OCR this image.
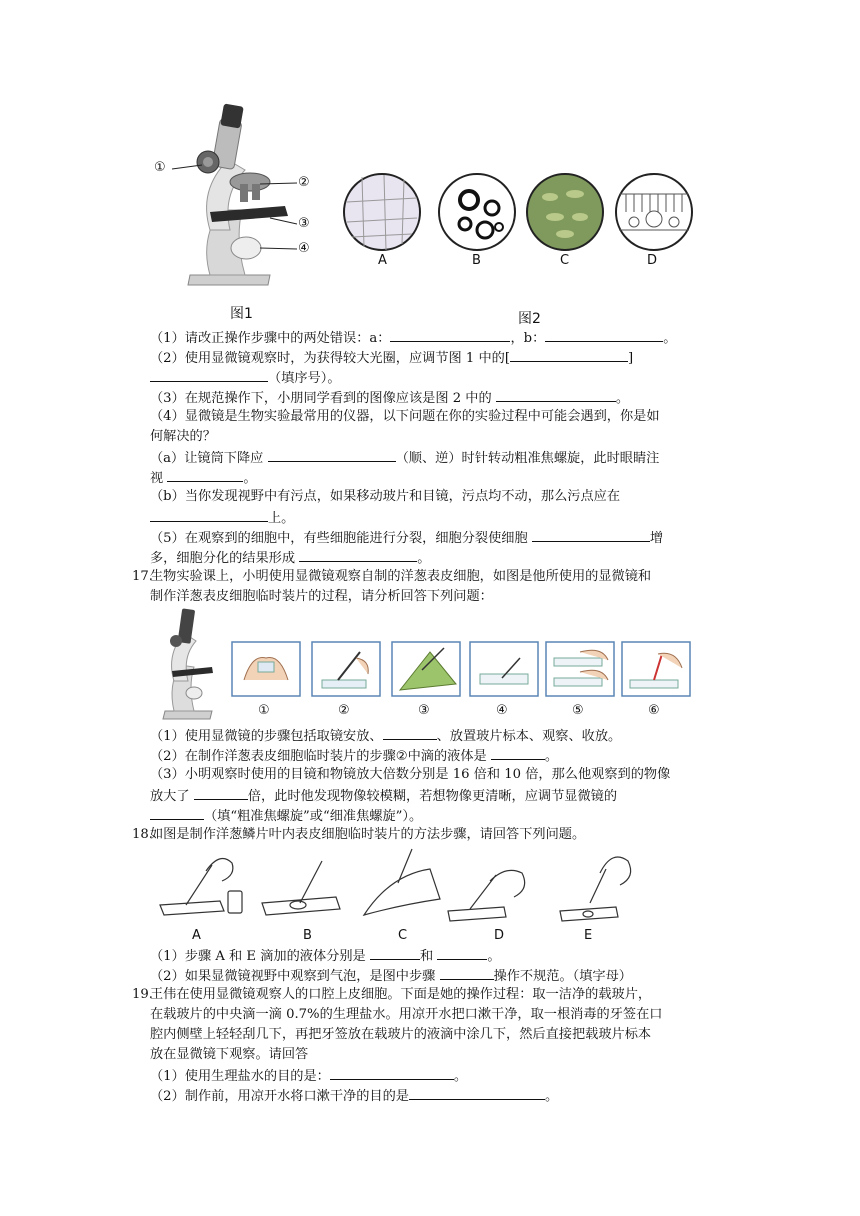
①
②
③
④
图1
A	B	C	D
图2
（1）请改正操作步骤中的两处错误：a：	，b：	。
（2）使用显微镜观察时，为获得较大光圈，应调节图 1 中的[	]
（填序号）。
（3）在规范操作下，小朋同学看到的图像应该是图 2 中的	。
（4）显微镜是生物实验最常用的仪器，以下问题在你的实验过程中可能会遇到，你是如
何解决的？
（a）让镜筒下降应	（顺、逆）时针转动粗准焦螺旋，此时眼睛注
视	。
（b）当你发现视野中有污点，如果移动玻片和目镜，污点均不动，那么污点应在
上。
（5）在观察到的细胞中，有些细胞能进行分裂，细胞分裂使细胞	增
多，细胞分化的结果形成	。
17.
生物实验课上，小明使用显微镜观察自制的洋葱表皮细胞，如图是他所使用的显微镜和
制作洋葱表皮细胞临时装片的过程，请分析回答下列问题：
①	②	③	④	⑤	⑥
（1）使用显微镜的步骤包括取镜安放、	、放置玻片标本、观察、收放。
（2）在制作洋葱表皮细胞临时装片的步骤②中滴的液体是	。
（3）小明观察时使用的目镜和物镜放大倍数分别是 16 倍和 10 倍，那么他观察到的物像
放大了	倍，此时他发现物像较模糊，若想物像更清晰，应调节显微镜的
（填“粗准焦螺旋”或“细准焦螺旋”）。
18.
如图是制作洋葱鳞片叶内表皮细胞临时装片的方法步骤，请回答下列问题。
A	B	C	D	E
（1）步骤 A 和 E 滴加的液体分别是	和	。
（2）如果显微镜视野中观察到气泡，是图中步骤	操作不规范。（填字母）
19.
王伟在使用显微镜观察人的口腔上皮细胞。下面是她的操作过程：取一洁净的载玻片，
在载玻片的中央滴一滴 0.7%的生理盐水。用凉开水把口漱干净，取一根消毒的牙签在口
腔内侧壁上轻轻刮几下，再把牙签放在载玻片的液滴中涂几下，然后直接把载玻片标本
放在显微镜下观察。请回答
（1）使用生理盐水的目的是：	。
（2）制作前，用凉开水将口漱干净的目的是	。
